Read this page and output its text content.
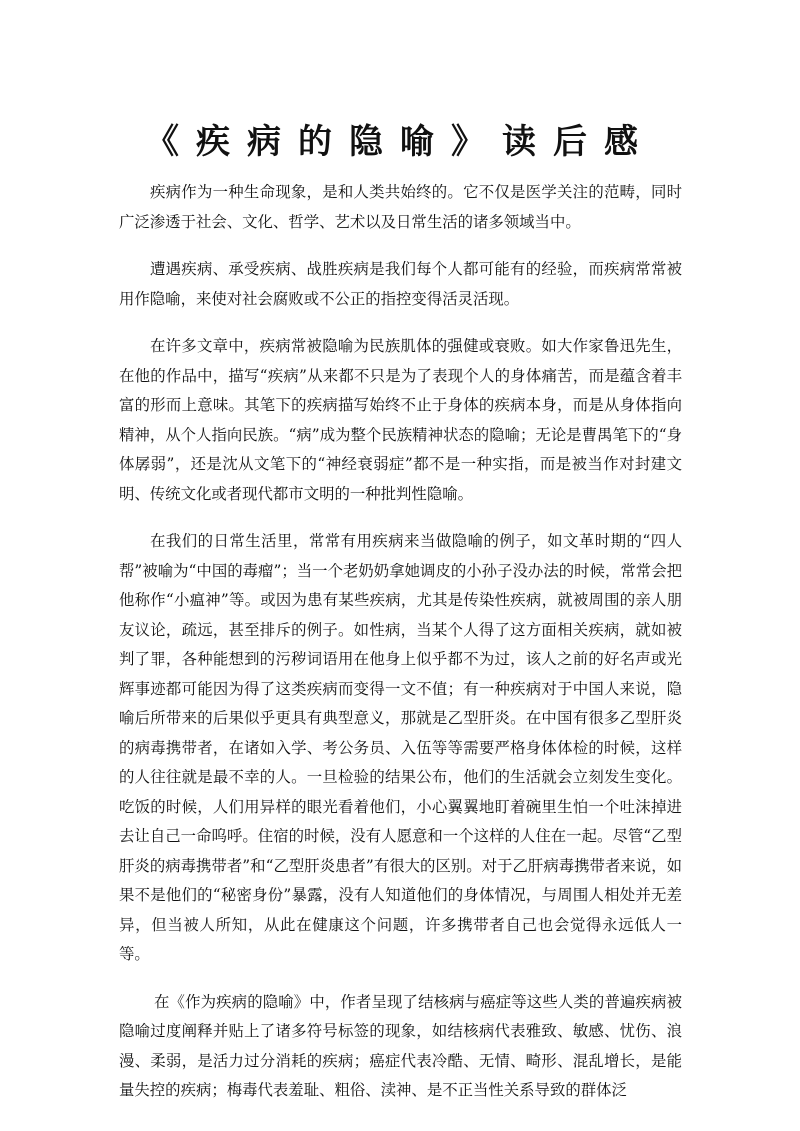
《疾病的隐喻》读后感

疾病作为一种生命现象，是和人类共始终的。它不仅是医学关注的范畴，同时广泛渗透于社会、文化、哲学、艺术以及日常生活的诸多领域当中。

遭遇疾病、承受疾病、战胜疾病是我们每个人都可能有的经验，而疾病常常被用作隐喻，来使对社会腐败或不公正的指控变得活灵活现。

在许多文章中，疾病常被隐喻为民族肌体的强健或衰败。如大作家鲁迅先生，在他的作品中，描写“疾病”从来都不只是为了表现个人的身体痛苦，而是蕴含着丰富的形而上意味。其笔下的疾病描写始终不止于身体的疾病本身，而是从身体指向精神，从个人指向民族。“病”成为整个民族精神状态的隐喻；无论是曹禺笔下的“身体孱弱”，还是沈从文笔下的“神经衰弱症”都不是一种实指，而是被当作对封建文明、传统文化或者现代都市文明的一种批判性隐喻。

在我们的日常生活里，常常有用疾病来当做隐喻的例子，如文革时期的“四人帮”被喻为“中国的毒瘤”；当一个老奶奶拿她调皮的小孙子没办法的时候，常常会把他称作“小瘟神”等。或因为患有某些疾病，尤其是传染性疾病，就被周围的亲人朋友议论，疏远，甚至排斥的例子。如性病，当某个人得了这方面相关疾病，就如被判了罪，各种能想到的污秽词语用在他身上似乎都不为过，该人之前的好名声或光辉事迹都可能因为得了这类疾病而变得一文不值；有一种疾病对于中国人来说，隐喻后所带来的后果似乎更具有典型意义，那就是乙型肝炎。在中国有很多乙型肝炎的病毒携带者，在诸如入学、考公务员、入伍等等需要严格身体体检的时候，这样的人往往就是最不幸的人。一旦检验的结果公布，他们的生活就会立刻发生变化。吃饭的时候，人们用异样的眼光看着他们，小心翼翼地盯着碗里生怕一个吐沫掉进去让自己一命呜呼。住宿的时候，没有人愿意和一个这样的人住在一起。尽管“乙型肝炎的病毒携带者”和“乙型肝炎患者”有很大的区别。对于乙肝病毒携带者来说，如果不是他们的“秘密身份”暴露，没有人知道他们的身体情况，与周围人相处并无差异，但当被人所知，从此在健康这个问题，许多携带者自己也会觉得永远低人一等。

在《作为疾病的隐喻》中，作者呈现了结核病与癌症等这些人类的普遍疾病被隐喻过度阐释并贴上了诸多符号标签的现象，如结核病代表雅致、敏感、忧伤、浪漫、柔弱，是活力过分消耗的疾病；癌症代表冷酷、无情、畸形、混乱增长，是能量失控的疾病；梅毒代表羞耻、粗俗、渎神、是不正当性关系导致的群体泛
